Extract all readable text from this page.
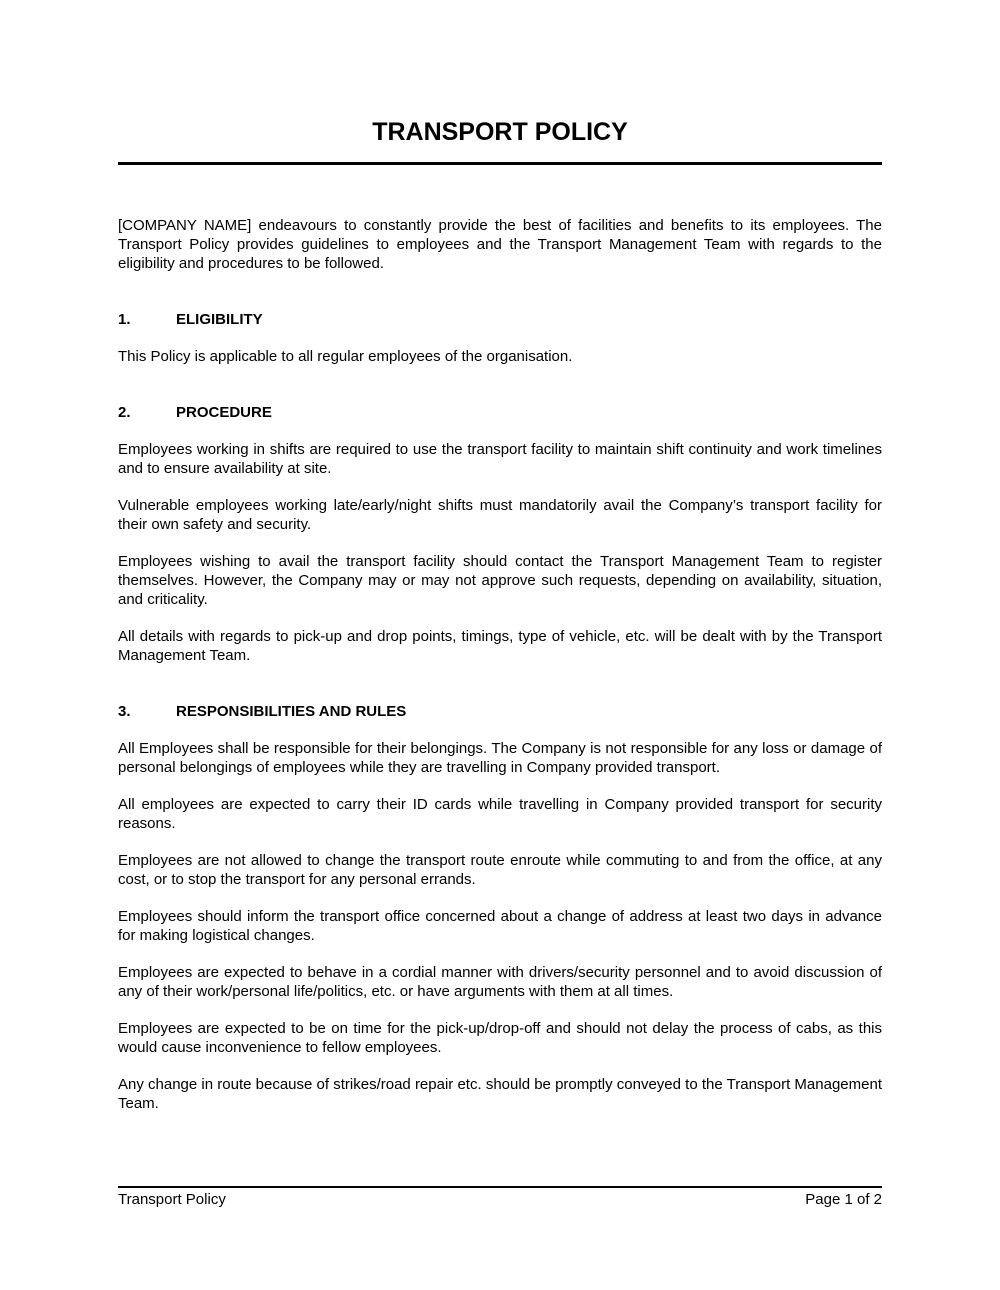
TRANSPORT POLICY

[COMPANY NAME] endeavours to constantly provide the best of facilities and benefits to its employees. The Transport Policy provides guidelines to employees and the Transport Management Team with regards to the eligibility and procedures to be followed.

1.	ELIGIBILITY

This Policy is applicable to all regular employees of the organisation.

2.	PROCEDURE

Employees working in shifts are required to use the transport facility to maintain shift continuity and work timelines and to ensure availability at site.

Vulnerable employees working late/early/night shifts must mandatorily avail the Company’s transport facility for their own safety and security.

Employees wishing to avail the transport facility should contact the Transport Management Team to register themselves. However, the Company may or may not approve such requests, depending on availability, situation, and criticality.

All details with regards to pick-up and drop points, timings, type of vehicle, etc. will be dealt with by the Transport Management Team.

3.	RESPONSIBILITIES AND RULES

All Employees shall be responsible for their belongings. The Company is not responsible for any loss or damage of personal belongings of employees while they are travelling in Company provided transport.

All employees are expected to carry their ID cards while travelling in Company provided transport for security reasons.

Employees are not allowed to change the transport route enroute while commuting to and from the office, at any cost, or to stop the transport for any personal errands.

Employees should inform the transport office concerned about a change of address at least two days in advance for making logistical changes.

Employees are expected to behave in a cordial manner with drivers/security personnel and to avoid discussion of any of their work/personal life/politics, etc. or have arguments with them at all times.

Employees are expected to be on time for the pick-up/drop-off and should not delay the process of cabs, as this would cause inconvenience to fellow employees.

Any change in route because of strikes/road repair etc. should be promptly conveyed to the Transport Management Team.

Transport Policy	Page 1 of 2
